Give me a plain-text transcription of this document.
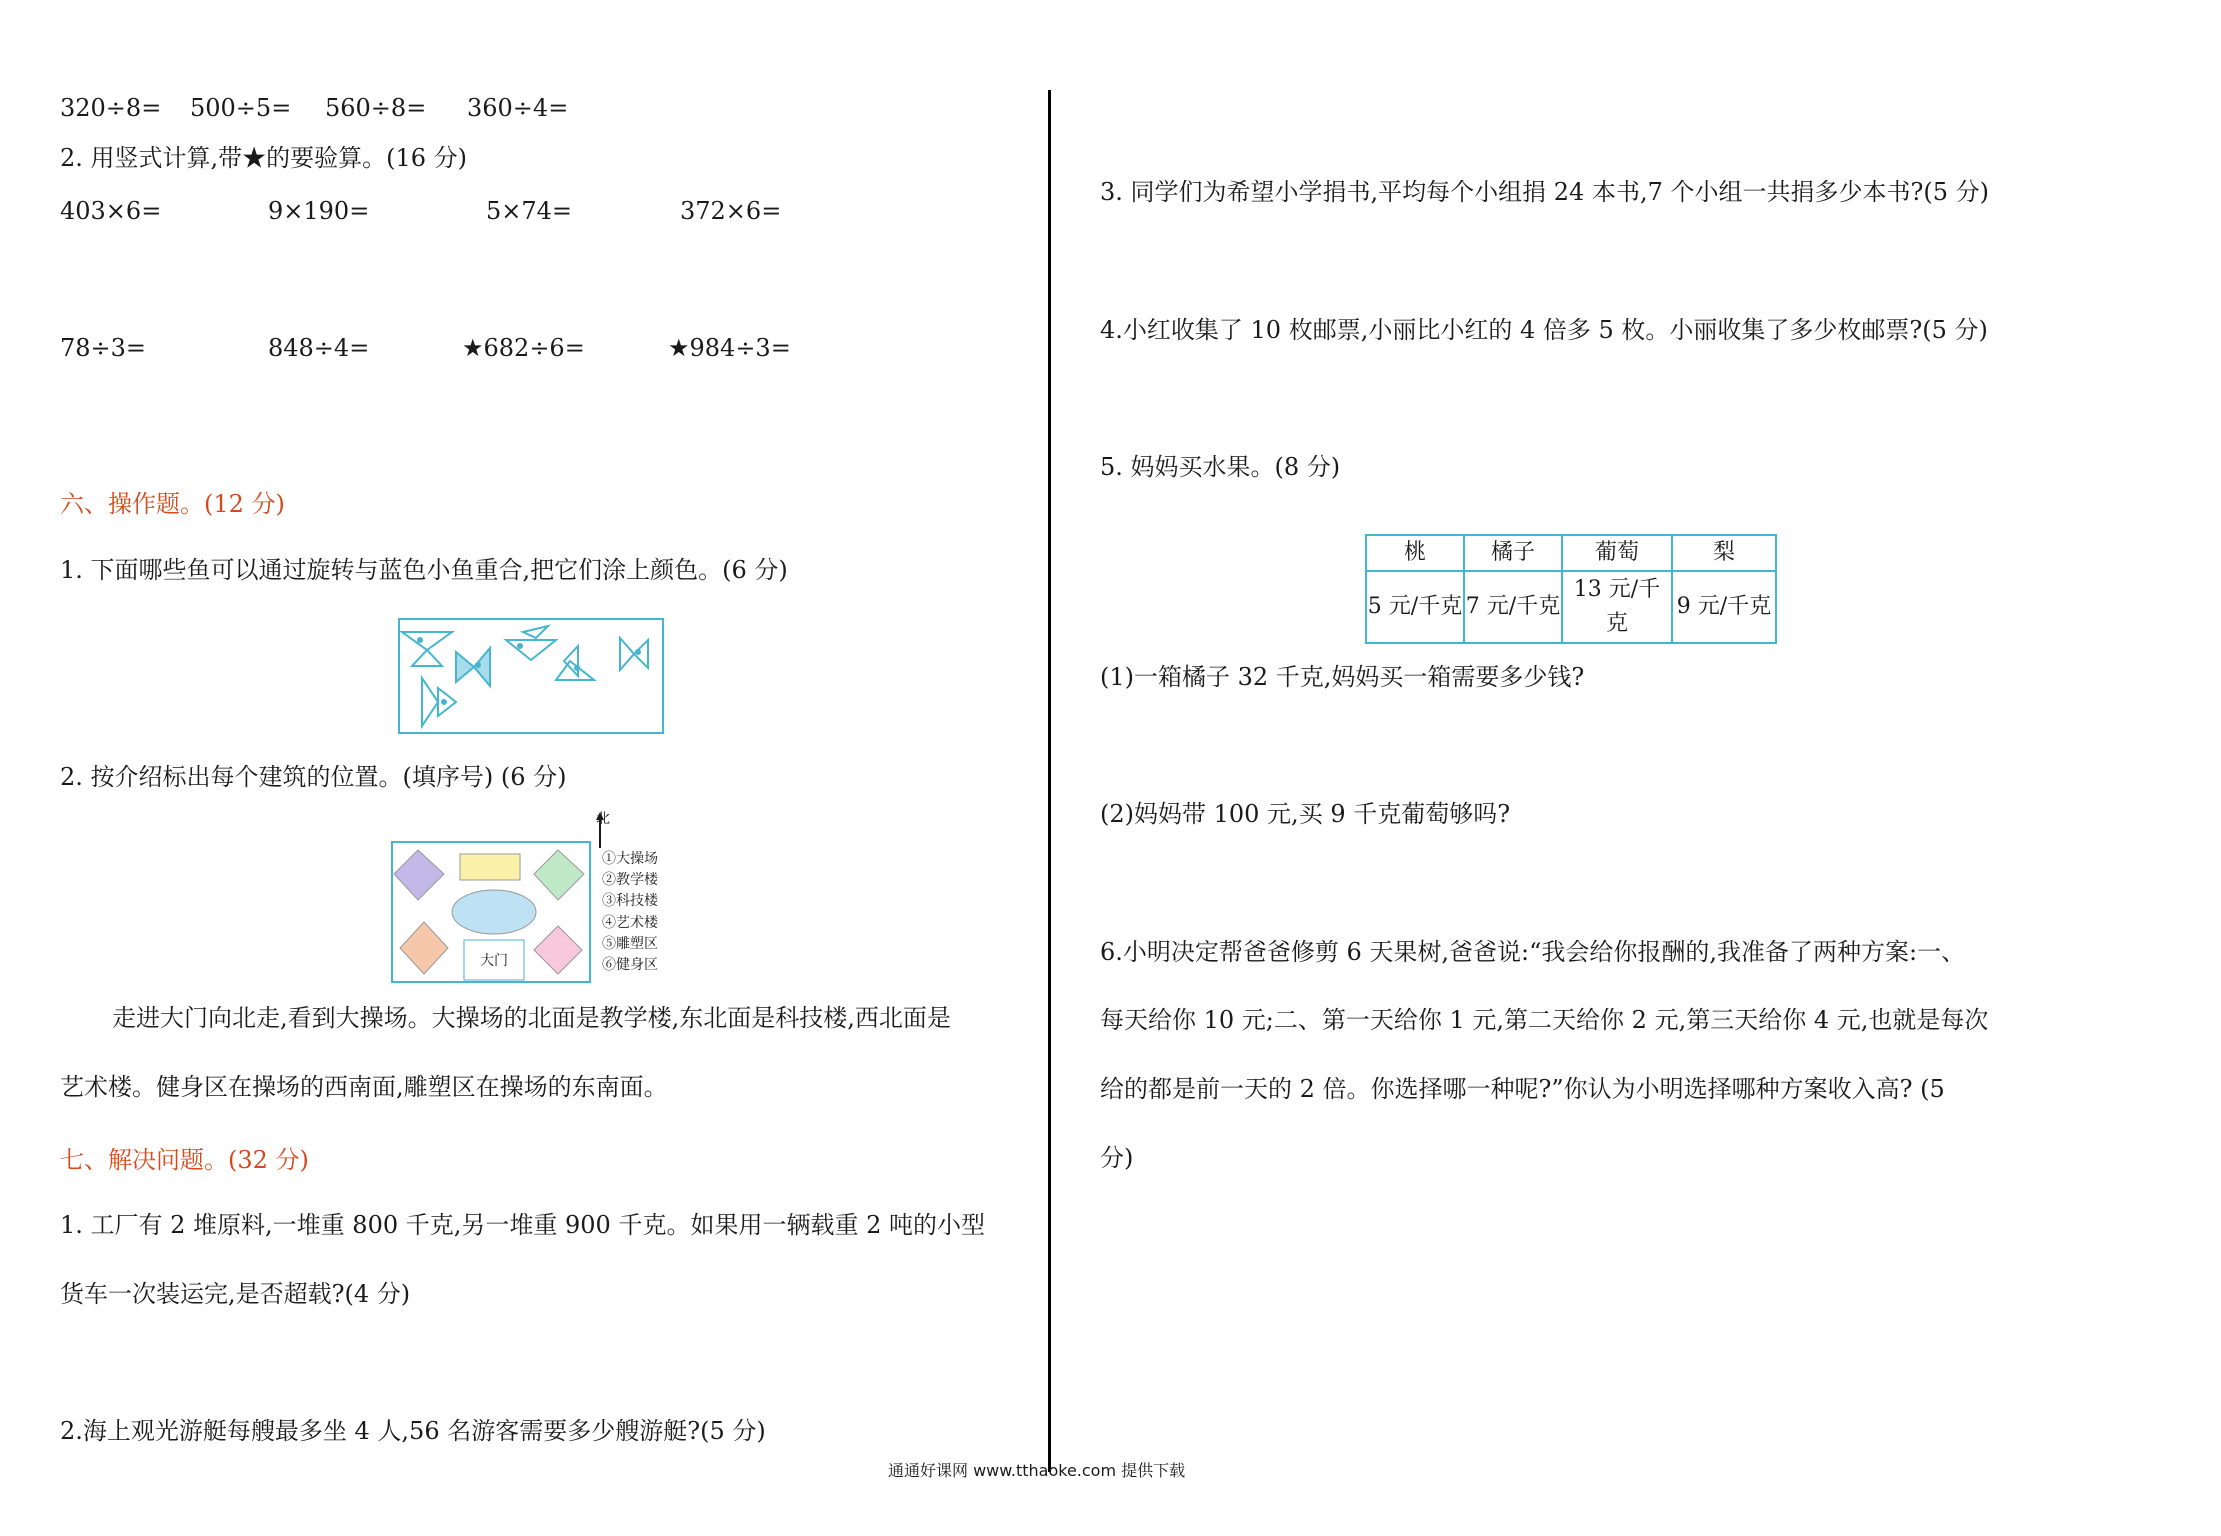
320÷8= 500÷5= 560÷8= 360÷4=
2. 用竖式计算,带★的要验算。(16 分)
403×6=	9×190=	5×74=	372×6=
78÷3=	848÷4=	★682÷6=	★984÷3=
六、操作题。(12 分)
1. 下面哪些鱼可以通过旋转与蓝色小鱼重合,把它们涂上颜色。(6 分)
2. 按介绍标出每个建筑的位置。(填序号) (6 分)
北
大门
①大操场
②教学楼
③科技楼
④艺术楼
⑤雕塑区
⑥健身区
走进大门向北走,看到大操场。大操场的北面是教学楼,东北面是科技楼,西北面是
艺术楼。健身区在操场的西南面,雕塑区在操场的东南面。
七、解决问题。(32 分)
1. 工厂有 2 堆原料,一堆重 800 千克,另一堆重 900 千克。如果用一辆载重 2 吨的小型
货车一次装运完,是否超载?(4 分)
2.海上观光游艇每艘最多坐 4 人,56 名游客需要多少艘游艇?(5 分)
3. 同学们为希望小学捐书,平均每个小组捐 24 本书,7 个小组一共捐多少本书?(5 分)
4.小红收集了 10 枚邮票,小丽比小红的 4 倍多 5 枚。小丽收集了多少枚邮票?(5 分)
5. 妈妈买水果。(8 分)
桃	橘子	葡萄	梨
5 元/千克	7 元/千克	13 元/千克	9 元/千克
(1)一箱橘子 32 千克,妈妈买一箱需要多少钱?
(2)妈妈带 100 元,买 9 千克葡萄够吗?
6.小明决定帮爸爸修剪 6 天果树,爸爸说:“我会给你报酬的,我准备了两种方案:一、
每天给你 10 元;二、第一天给你 1 元,第二天给你 2 元,第三天给你 4 元,也就是每次
给的都是前一天的 2 倍。你选择哪一种呢?”你认为小明选择哪种方案收入高? (5
分)
通通好课网 www.tthaoke.com 提供下载
